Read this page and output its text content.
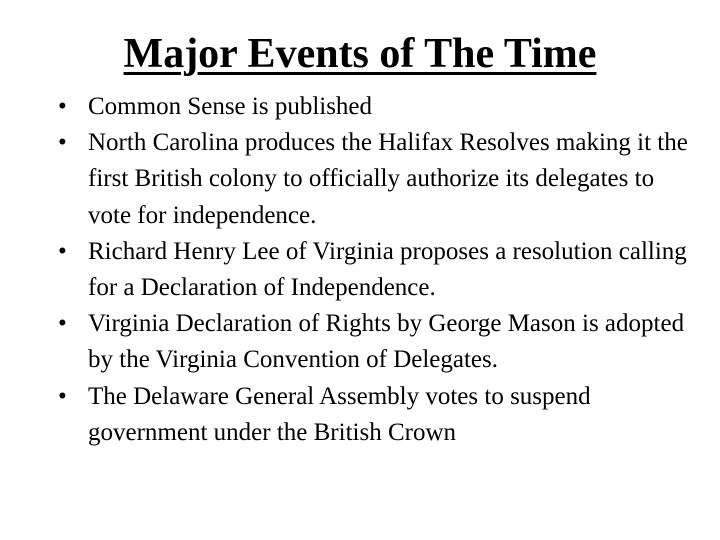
Major Events of The Time
• Common Sense is published
• North Carolina produces the Halifax Resolves making it the first British colony to officially authorize its delegates to vote for independence.
• Richard Henry Lee of Virginia proposes a resolution calling for a Declaration of Independence.
• Virginia Declaration of Rights by George Mason is adopted by the Virginia Convention of Delegates.
• The Delaware General Assembly votes to suspend government under the British Crown
